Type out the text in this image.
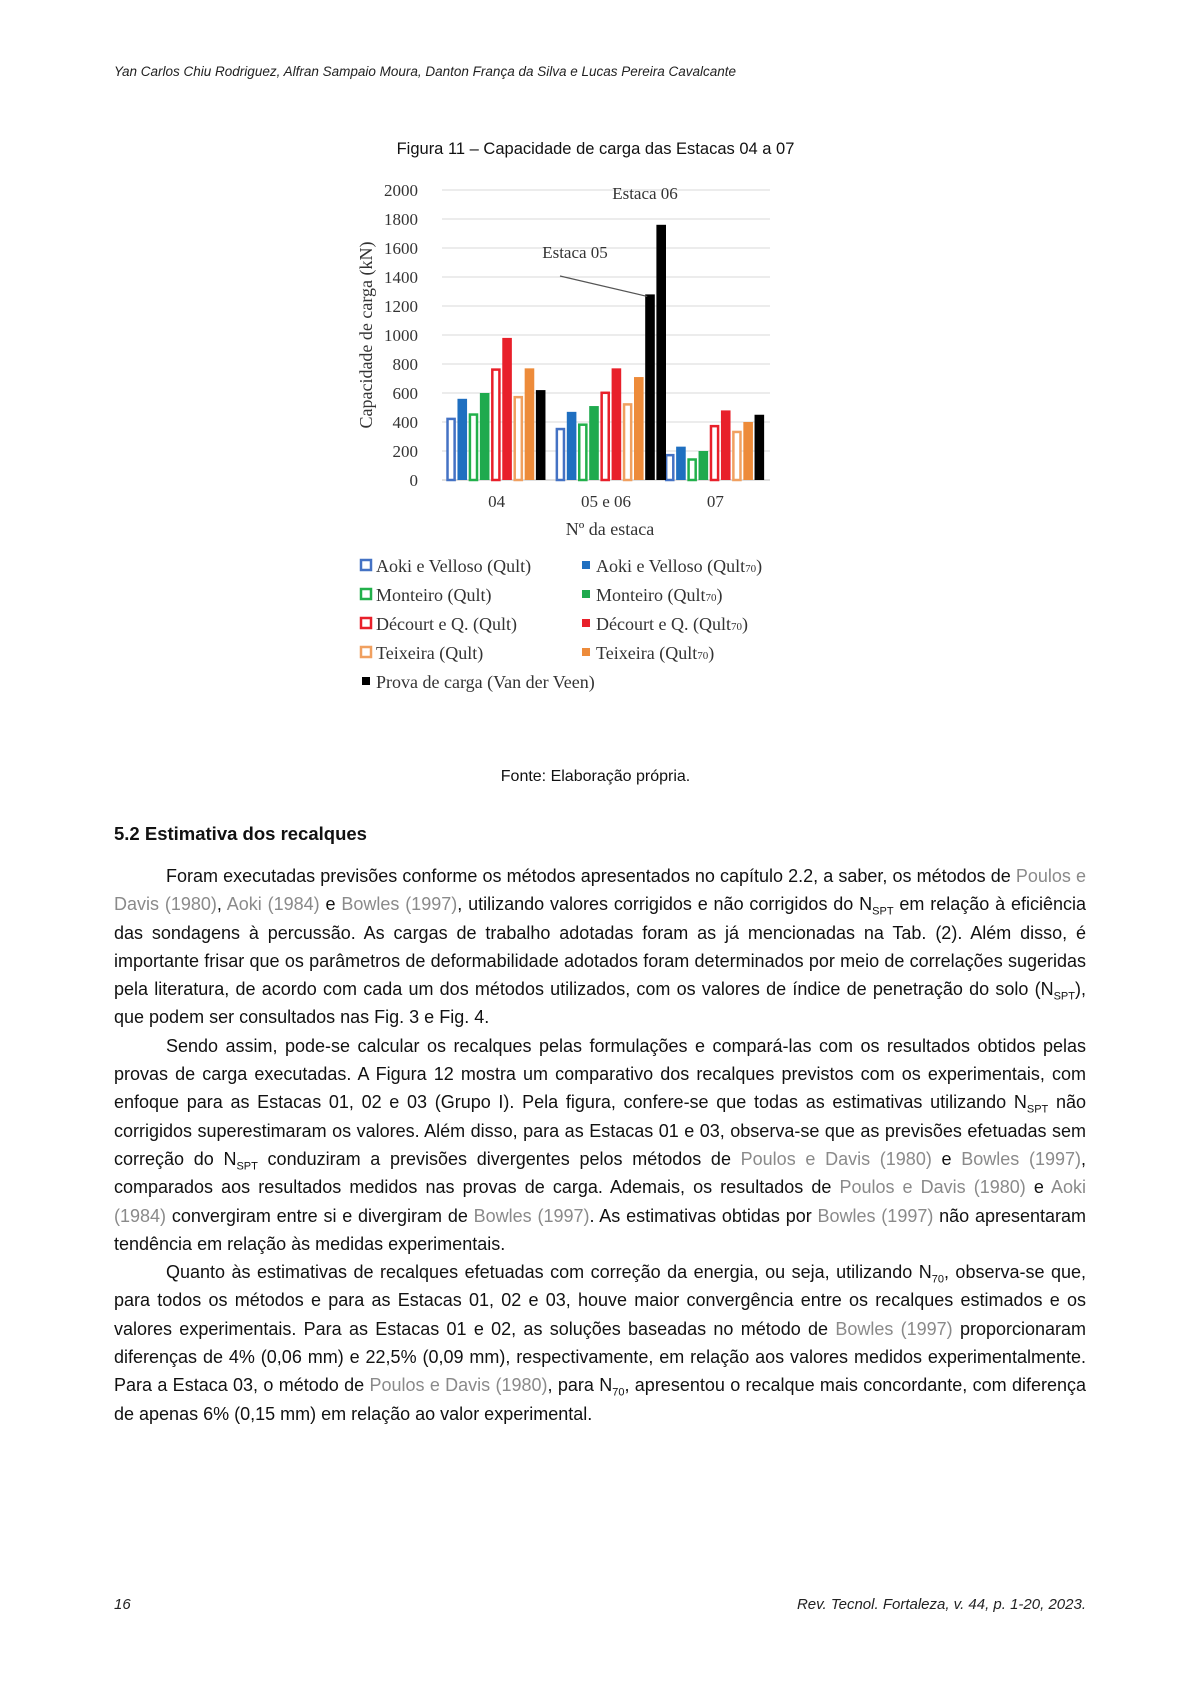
Yan Carlos Chiu Rodriguez, Alfran Sampaio Moura, Danton França da Silva e Lucas Pereira Cavalcante
Figura 11 – Capacidade de carga das Estacas 04 a 07
0
200
400
600
800
1000
1200
1400
1600
1800
2000
04	05 e 06	07
Estaca 05
Estaca 06
Capacidade de carga (kN)
Nº da estaca
Aoki e Velloso (Qult)	Aoki e Velloso (Qult70)
Monteiro (Qult)	Monteiro (Qult70)
Décourt e Q. (Qult)	Décourt e Q. (Qult70)
Teixeira (Qult)	Teixeira (Qult70)
Prova de carga (Van der Veen)
Fonte: Elaboração própria.
5.2 Estimativa dos recalques

Foram executadas previsões conforme os métodos apresentados no capítulo 2.2, a saber, os métodos de Poulos e Davis (1980), Aoki (1984) e Bowles (1997), utilizando valores corrigidos e não corrigidos do $N_{SPT}$ em relação à eficiência das sondagens à percussão. As cargas de trabalho adotadas foram as já mencionadas na Tab. (2). Além disso, é importante frisar que os parâmetros de deformabilidade adotados foram determinados por meio de correlações sugeridas pela literatura, de acordo com cada um dos métodos utilizados, com os valores de índice de penetração do solo $(N_{SPT})$, que podem ser consultados nas Fig. 3 e Fig. 4.

Sendo assim, pode-se calcular os recalques pelas formulações e compará-las com os resultados obtidos pelas provas de carga executadas. A Figura 12 mostra um comparativo dos recalques previstos com os experimentais, com enfoque para as Estacas 01, 02 e 03 (Grupo I). Pela figura, confere-se que todas as estimativas utilizando $N_{SPT}$ não corrigidos superestimaram os valores. Além disso, para as Estacas 01 e 03, observa-se que as previsões efetuadas sem correção do $N_{SPT}$ conduziram a previsões divergentes pelos métodos de Poulos e Davis (1980) e Bowles (1997), comparados aos resultados medidos nas provas de carga. Ademais, os resultados de Poulos e Davis (1980) e Aoki (1984) convergiram entre si e divergiram de Bowles (1997). As estimativas obtidas por Bowles (1997) não apresentaram tendência em relação às medidas experimentais.

Quanto às estimativas de recalques efetuadas com correção da energia, ou seja, utilizando $N_{70}$, observa-se que, para todos os métodos e para as Estacas 01, 02 e 03, houve maior convergência entre os recalques estimados e os valores experimentais. Para as Estacas 01 e 02, as soluções baseadas no método de Bowles (1997) proporcionaram diferenças de 4% (0,06 mm) e 22,5% (0,09 mm), respectivamente, em relação aos valores medidos experimentalmente. Para a Estaca 03, o método de Poulos e Davis (1980), para $N_{70}$, apresentou o recalque mais concordante, com diferença de apenas 6% (0,15 mm) em relação ao valor experimental.

16	Rev. Tecnol. Fortaleza, v. 44, p. 1-20, 2023.
